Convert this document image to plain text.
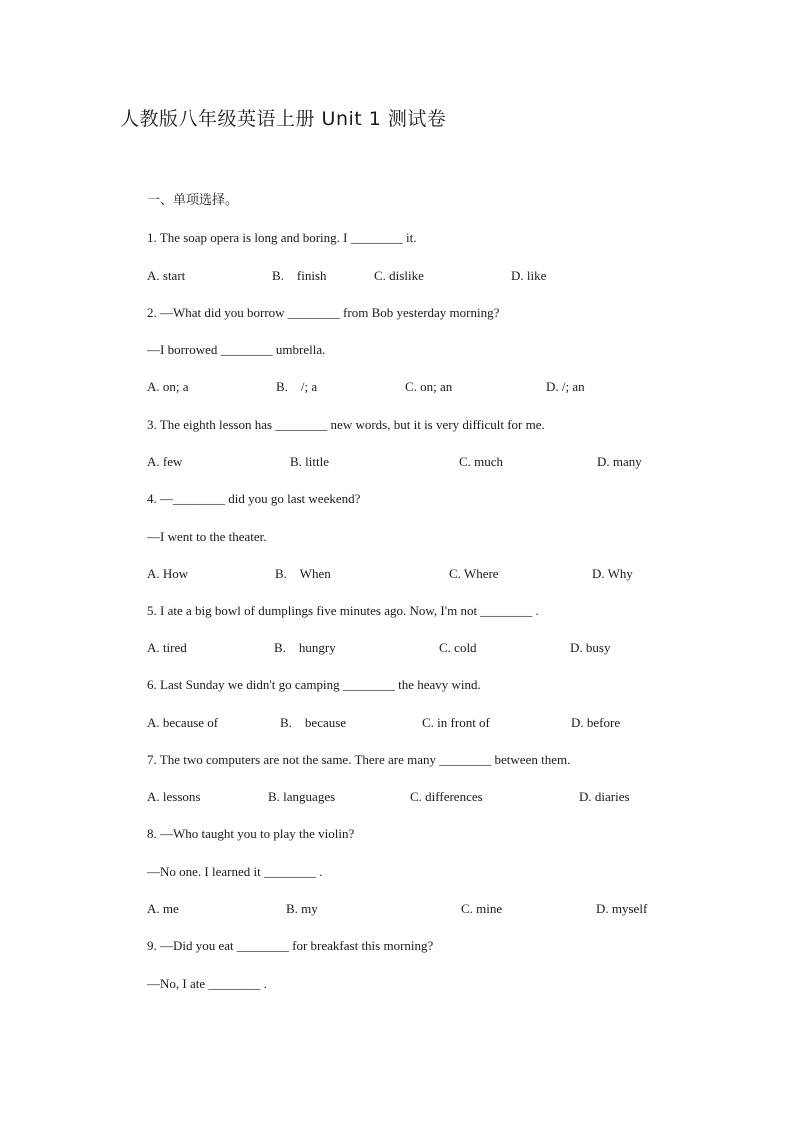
人教版八年级英语上册 Unit 1 测试卷
一、单项选择。
1. The soap opera is long and boring. I ________ it.
A. start	B.    finish	C. dislike	D. like
2. —What did you borrow ________ from Bob yesterday morning?
—I borrowed ________ umbrella.
A. on; a	B.    /; a	C. on; an	D. /; an
3. The eighth lesson has ________ new words, but it is very difficult for me.
A. few	B. little	C. much	D. many
4. —________ did you go last weekend?
—I went to the theater.
A. How	B.    When	C. Where	D. Why
5. I ate a big bowl of dumplings five minutes ago. Now, I'm not ________ .
A. tired	B.    hungry	C. cold	D. busy
6. Last Sunday we didn't go camping ________ the heavy wind.
A. because of	B.    because	C. in front of	D. before
7. The two computers are not the same. There are many ________ between them.
A. lessons	B. languages	C. differences	D. diaries
8. —Who taught you to play the violin?
—No one. I learned it ________ .
A. me	B. my	C. mine	D. myself
9. —Did you eat ________ for breakfast this morning?
—No, I ate ________ .
